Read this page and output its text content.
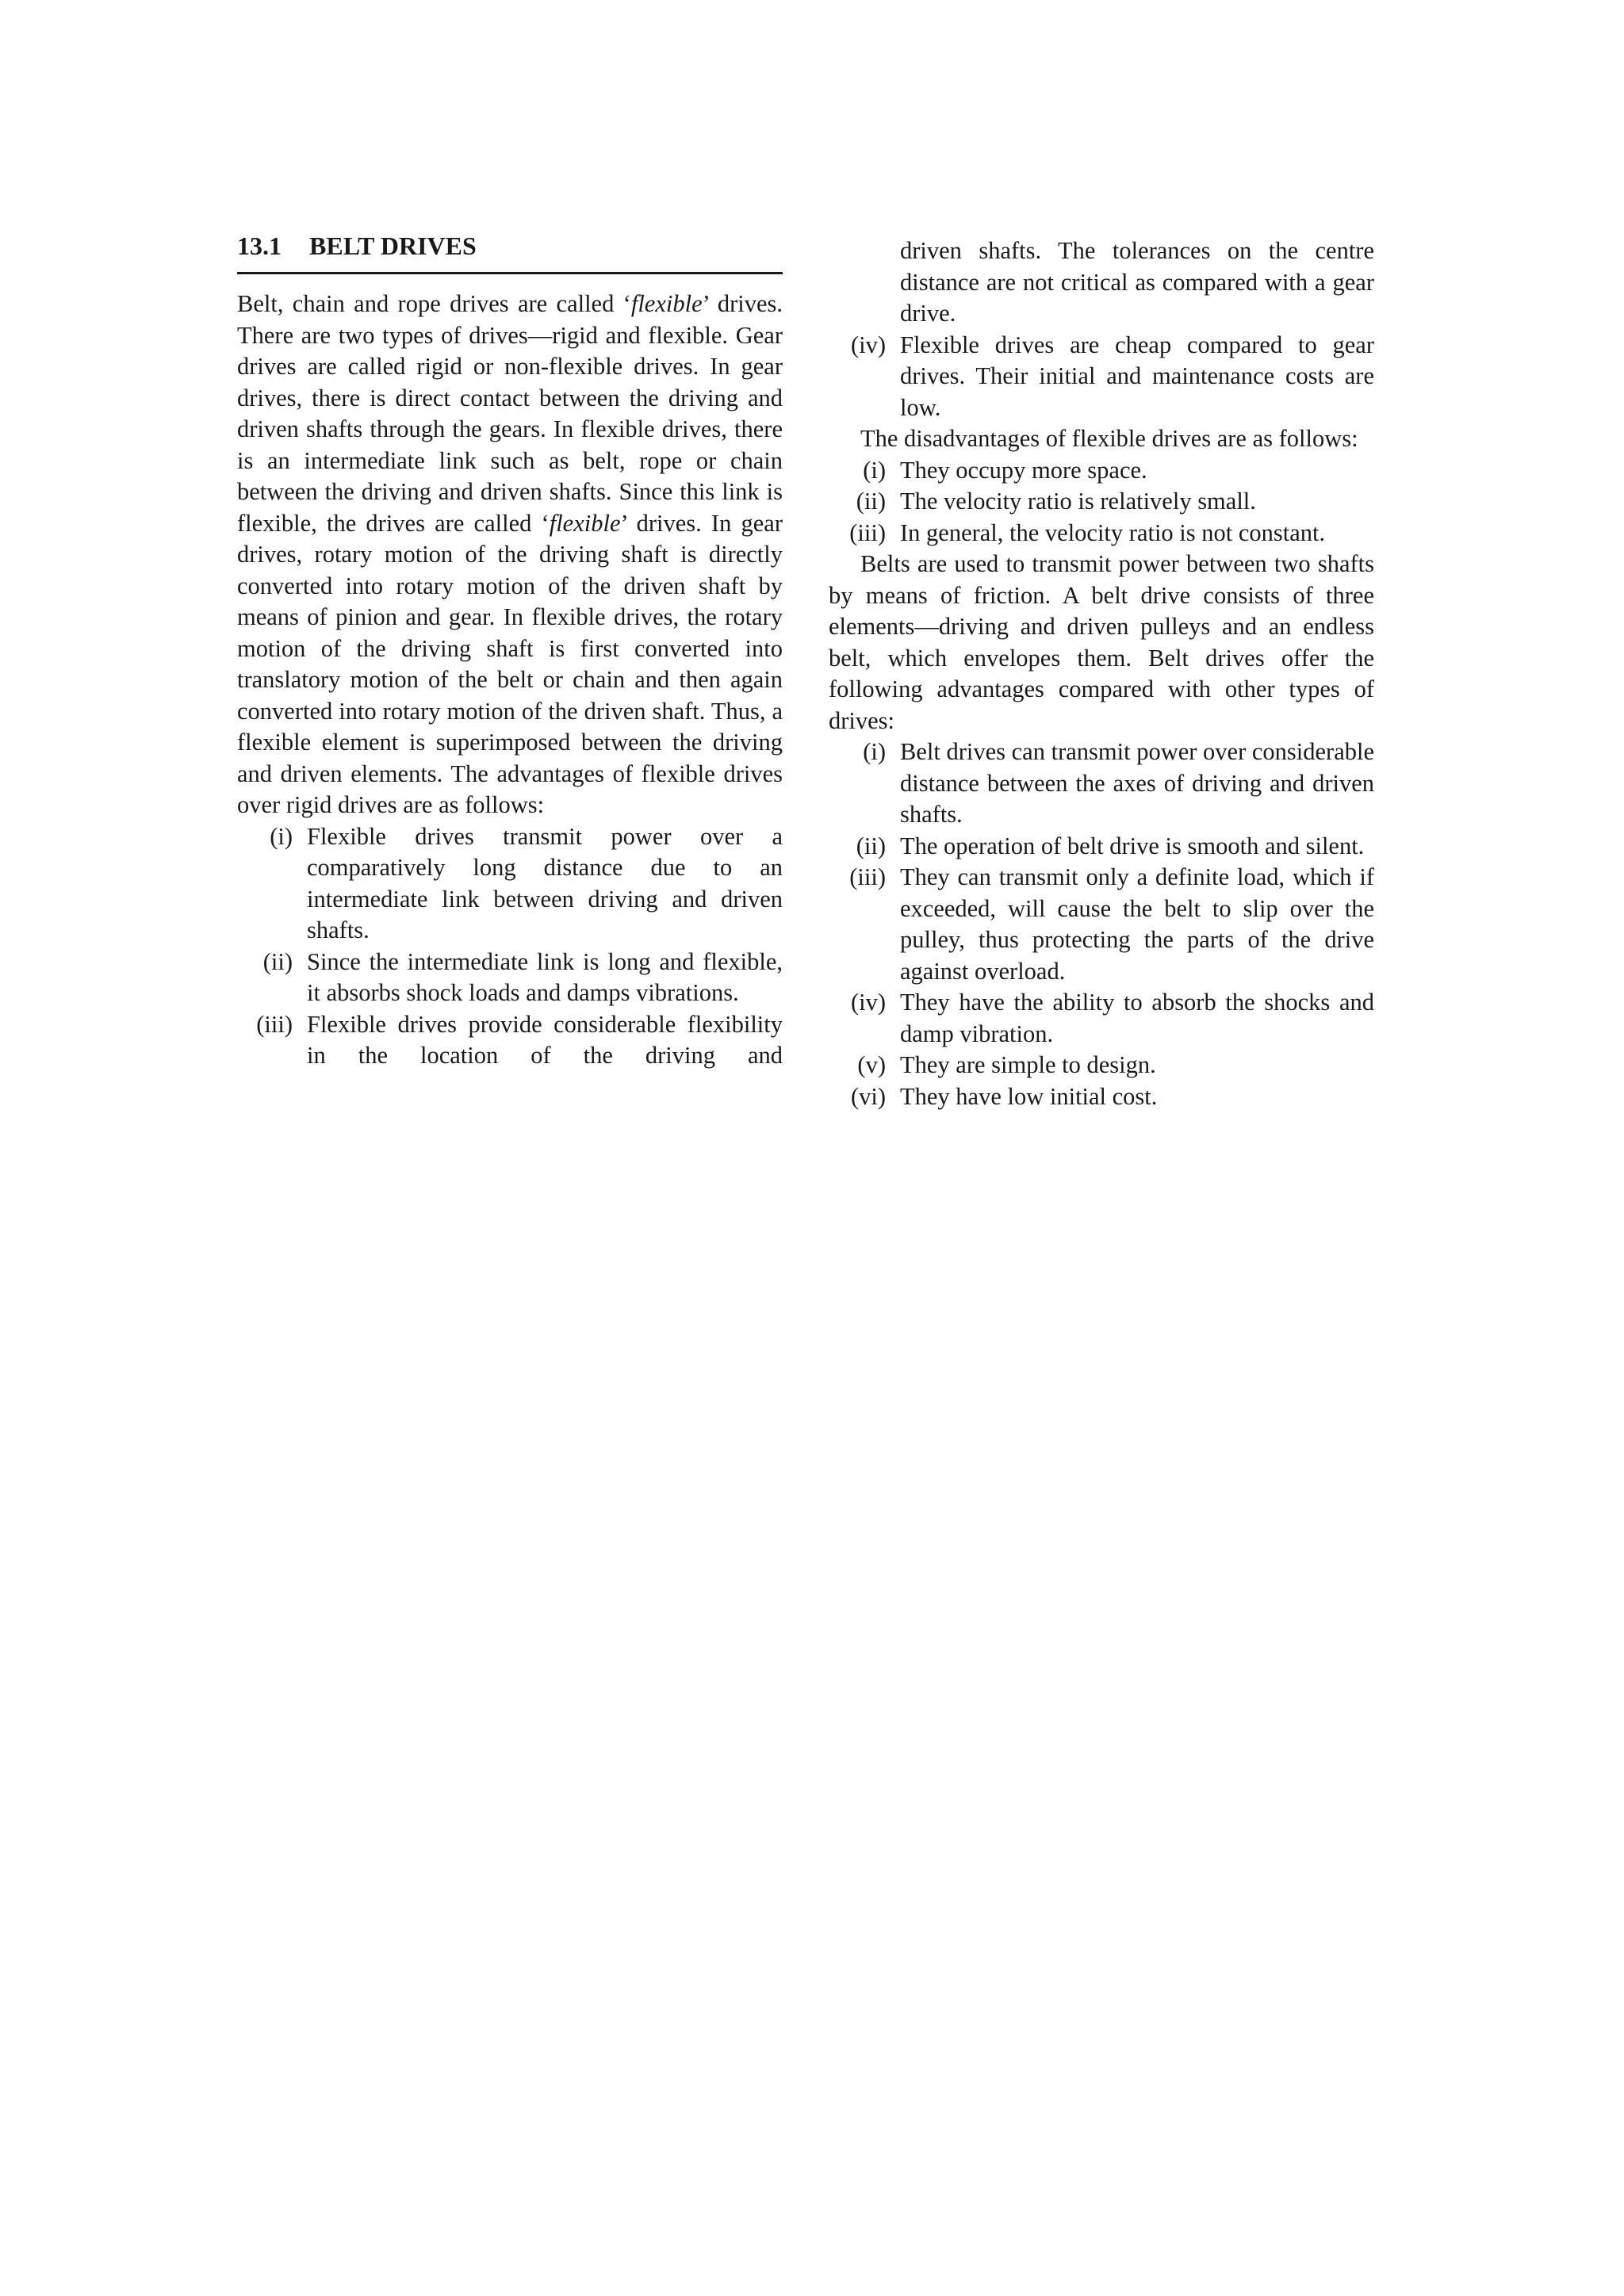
13.1 BELT DRIVES

Belt, chain and rope drives are called ‘flexible’ drives. There are two types of drives—rigid and flexible. Gear drives are called rigid or non-flexible drives. In gear drives, there is direct contact between the driving and driven shafts through the gears. In flexible drives, there is an intermediate link such as belt, rope or chain between the driving and driven shafts. Since this link is flexible, the drives are called ‘flexible’ drives. In gear drives, rotary motion of the driving shaft is directly converted into rotary motion of the driven shaft by means of pinion and gear. In flexible drives, the rotary motion of the driving shaft is first converted into translatory motion of the belt or chain and then again converted into rotary motion of the driven shaft. Thus, a flexible element is superimposed between the driving and driven elements. The advantages of flexible drives over rigid drives are as follows:

(i) Flexible drives transmit power over a comparatively long distance due to an intermediate link between driving and driven shafts.
(ii) Since the intermediate link is long and flexible, it absorbs shock loads and damps vibrations.
(iii) Flexible drives provide considerable flexibility in the location of the driving and
driven shafts. The tolerances on the centre distance are not critical as compared with a gear drive.
(iv) Flexible drives are cheap compared to gear drives. Their initial and maintenance costs are low.

The disadvantages of flexible drives are as follows:

(i) They occupy more space.
(ii) The velocity ratio is relatively small.
(iii) In general, the velocity ratio is not constant.

Belts are used to transmit power between two shafts by means of friction. A belt drive consists of three elements—driving and driven pulleys and an endless belt, which envelopes them. Belt drives offer the following advantages compared with other types of drives:

(i) Belt drives can transmit power over considerable distance between the axes of driving and driven shafts.
(ii) The operation of belt drive is smooth and silent.
(iii) They can transmit only a definite load, which if exceeded, will cause the belt to slip over the pulley, thus protecting the parts of the drive against overload.
(iv) They have the ability to absorb the shocks and damp vibration.
(v) They are simple to design.
(vi) They have low initial cost.
